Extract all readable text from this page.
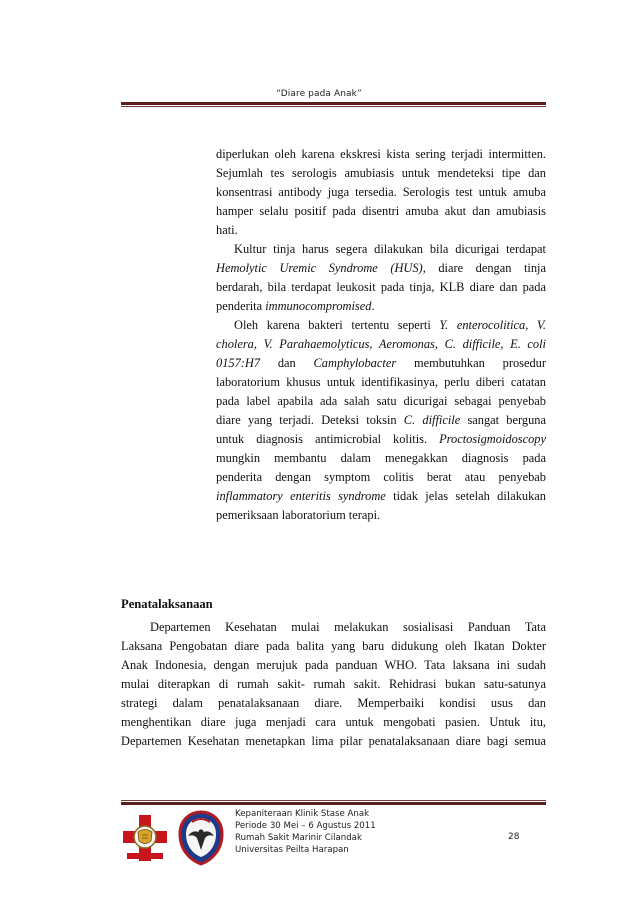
“Diare pada Anak”
diperlukan oleh karena ekskresi kista sering terjadi intermitten.
Sejumlah tes serologis amubiasis untuk mendeteksi tipe dan
konsentrasi antibody juga tersedia. Serologis test untuk amuba
hamper selalu positif pada disentri amuba akut dan amubiasis
hati.
Kultur tinja harus segera dilakukan bila dicurigai terdapat
Hemolytic Uremic Syndrome (HUS), diare dengan tinja
berdarah, bila terdapat leukosit pada tinja, KLB diare dan pada
penderita immunocompromised.
Oleh karena bakteri tertentu seperti Y. enterocolitica, V.
cholera, V. Parahaemolyticus, Aeromonas, C. difficile, E. coli
0157:H7 dan Camphylobacter membutuhkan prosedur
laboratorium khusus untuk identifikasinya, perlu diberi catatan
pada label apabila ada salah satu dicurigai sebagai penyebab
diare yang terjadi. Deteksi toksin C. difficile sangat berguna
untuk diagnosis antimicrobial kolitis. Proctosigmoidoscopy
mungkin membantu dalam menegakkan diagnosis pada
penderita dengan symptom colitis berat atau penyebab
inflammatory enteritis syndrome tidak jelas setelah dilakukan
pemeriksaan laboratorium terapi.
Penatalaksanaan
Departemen Kesehatan mulai melakukan sosialisasi Panduan Tata
Laksana Pengobatan diare pada balita yang baru didukung oleh Ikatan Dokter
Anak Indonesia, dengan merujuk pada panduan WHO. Tata laksana ini sudah
mulai diterapkan di rumah sakit- rumah sakit. Rehidrasi bukan satu-satunya
strategi dalam penatalaksanaan diare. Memperbaiki kondisi usus dan
menghentikan diare juga menjadi cara untuk mengobati pasien. Untuk itu,
Departemen Kesehatan menetapkan lima pilar penatalaksanaan diare bagi semua
Kepaniteraan Klinik Stase Anak
Periode 30 Mei – 6 Agustus 2011
Rumah Sakit Marinir Cilandak
Universitas Peilta Harapan
28
